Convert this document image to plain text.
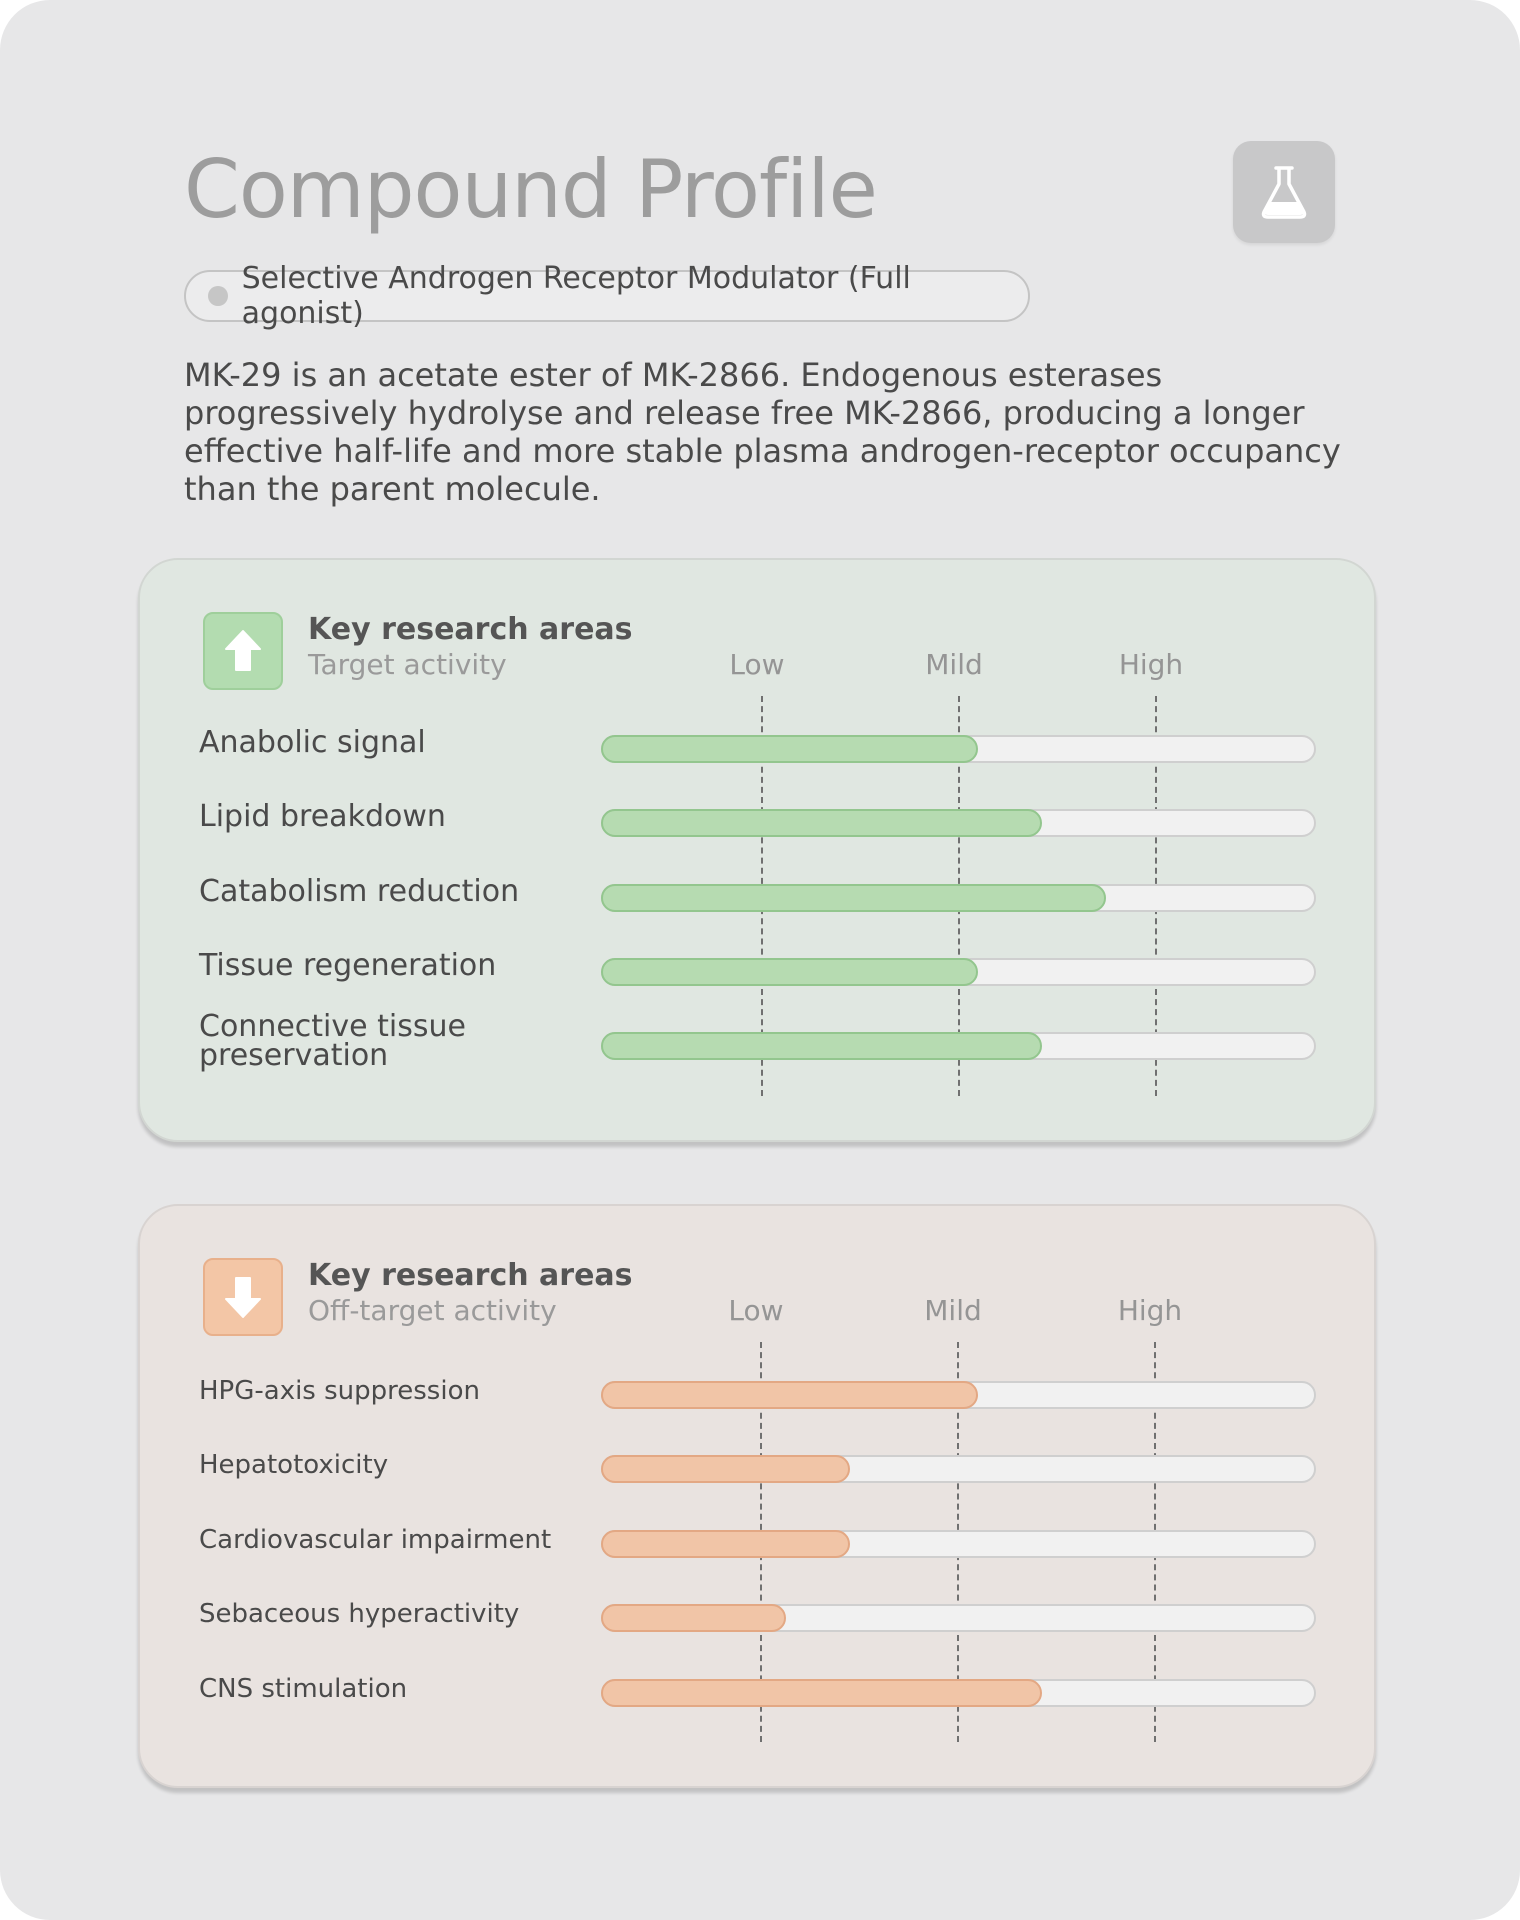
Compound Profile
Selective Androgen Receptor Modulator (Full agonist)

MK-29 is an acetate ester of MK-2866. Endogenous esterases progressively hydrolyse and release free MK-2866, producing a longer effective half-life and more stable plasma androgen-receptor occupancy than the parent molecule.

Key research areas
Target activity	Low	Mild	High
Anabolic signal
Lipid breakdown
Catabolism reduction
Tissue regeneration
Connective tissue preservation
Key research areas
Off-target activity	Low	Mild	High
HPG-axis suppression
Hepatotoxicity
Cardiovascular impairment
Sebaceous hyperactivity
CNS stimulation
